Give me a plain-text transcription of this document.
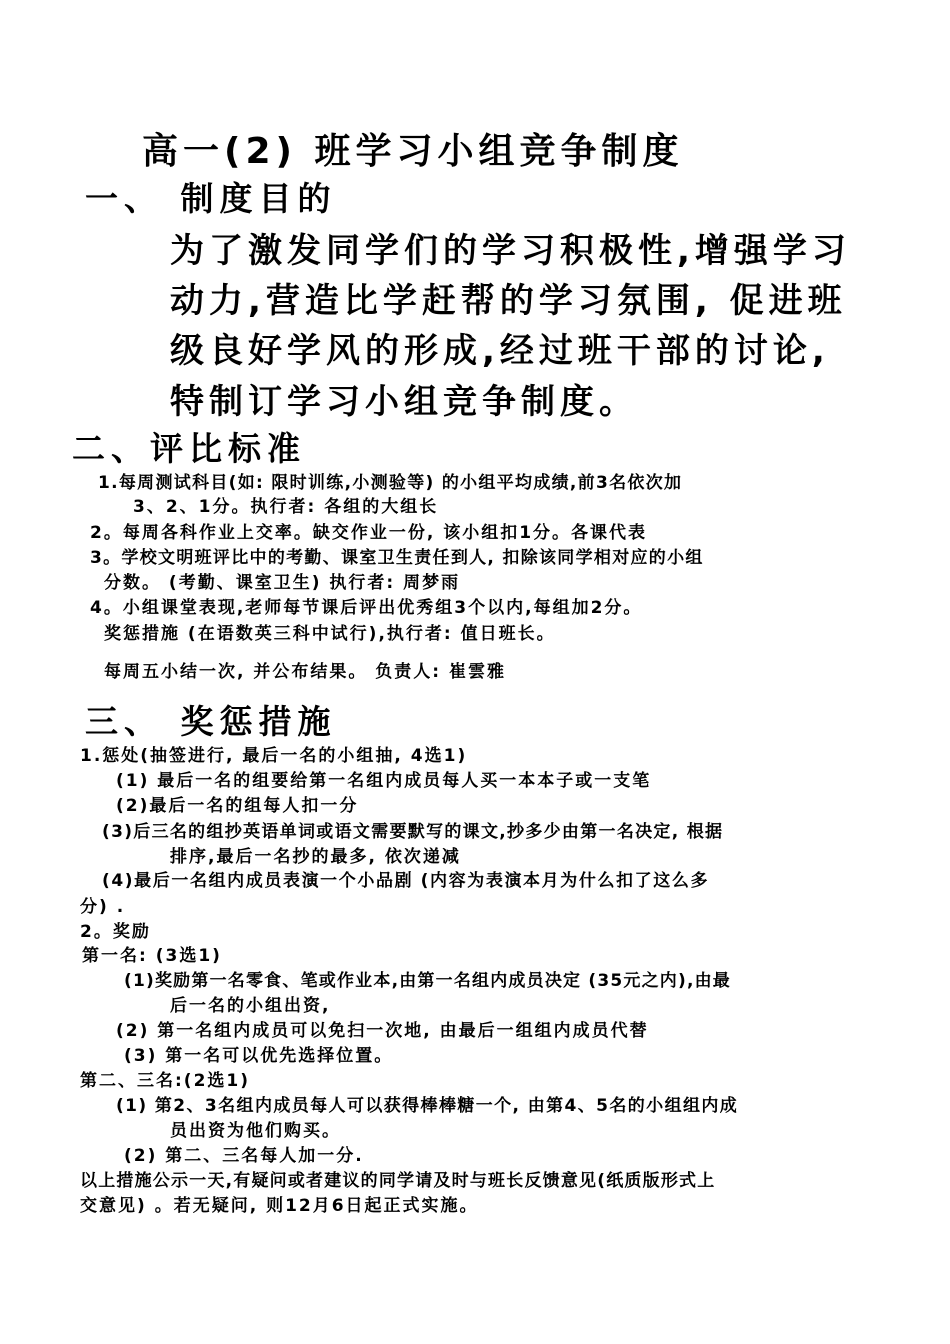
高一(2) 班学习小组竞争制度
一、 制度目的
为了激发同学们的学习积极性,增强学习
动力,营造比学赶帮的学习氛围, 促进班
级良好学风的形成,经过班干部的讨论,
特制订学习小组竞争制度。
二、评比标准
1.每周测试科目(如: 限时训练,小测验等) 的小组平均成绩,前3名依次加
3、2、1分。执行者: 各组的大组长
2。每周各科作业上交率。缺交作业一份, 该小组扣1分。各课代表
3。学校文明班评比中的考勤、课室卫生责任到人, 扣除该同学相对应的小组
分数。 (考勤、课室卫生) 执行者: 周梦雨
4。小组课堂表现,老师每节课后评出优秀组3个以内,每组加2分。
奖惩措施 (在语数英三科中试行),执行者: 值日班长。
每周五小结一次, 并公布结果。 负责人: 崔雲雅
三、 奖惩措施
1.惩处(抽签进行, 最后一名的小组抽, 4选1)
(1) 最后一名的组要给第一名组内成员每人买一本本子或一支笔
(2)最后一名的组每人扣一分
(3)后三名的组抄英语单词或语文需要默写的课文,抄多少由第一名决定, 根据
排序,最后一名抄的最多, 依次递减
(4)最后一名组内成员表演一个小品剧 (内容为表演本月为什么扣了这么多
分) .
2。奖励
第一名: (3选1)
(1)奖励第一名零食、笔或作业本,由第一名组内成员决定 (35元之内),由最
后一名的小组出资,
(2) 第一名组内成员可以免扫一次地, 由最后一组组内成员代替
(3) 第一名可以优先选择位置。
第二、三名:(2选1)
(1) 第2、3名组内成员每人可以获得棒棒糖一个, 由第4、5名的小组组内成
员出资为他们购买。
(2) 第二、三名每人加一分.
以上措施公示一天,有疑问或者建议的同学请及时与班长反馈意见(纸质版形式上
交意见) 。若无疑问, 则12月6日起正式实施。
